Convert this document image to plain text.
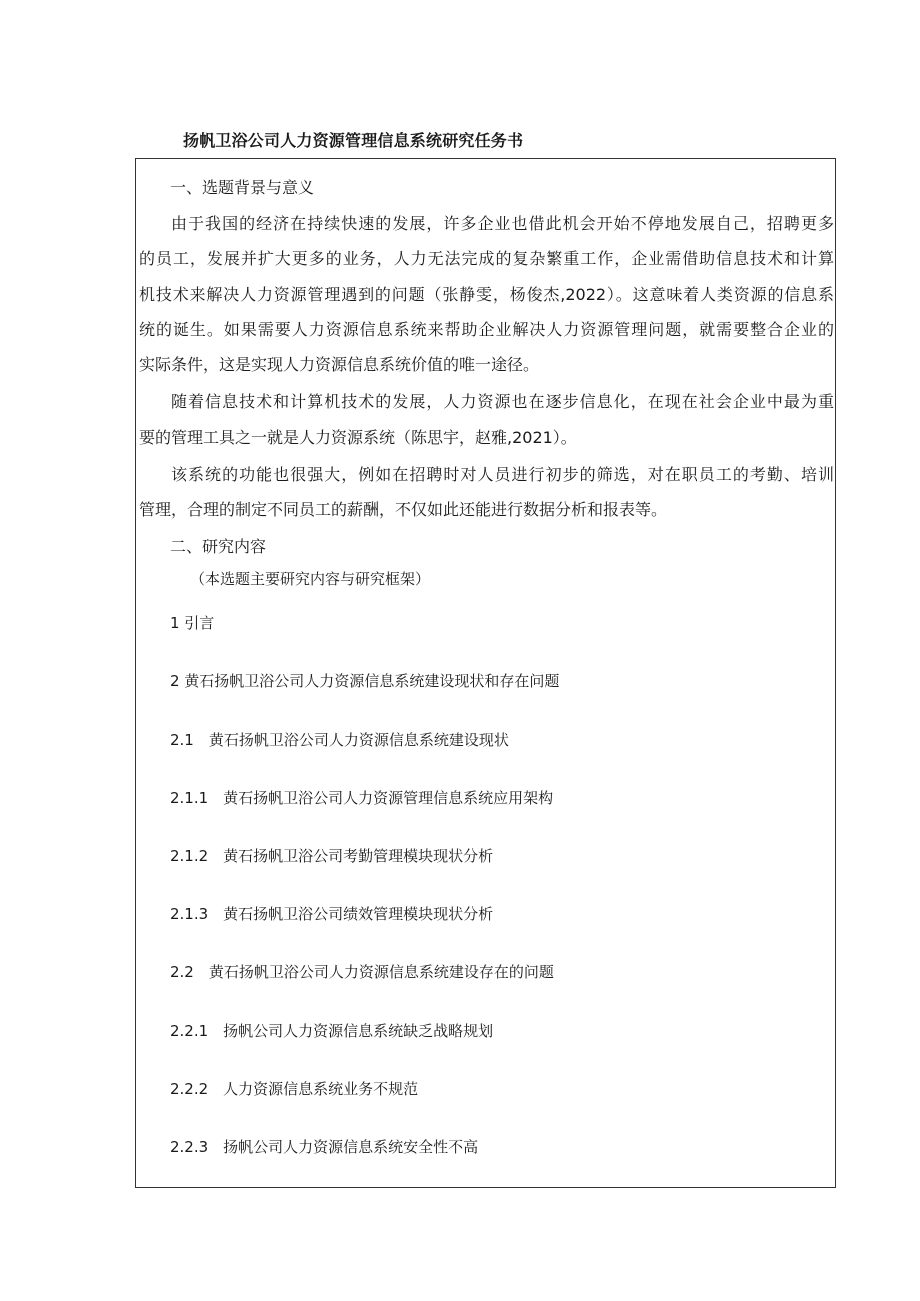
扬帆卫浴公司人力资源管理信息系统研究任务书
一、选题背景与意义
由于我国的经济在持续快速的发展，许多企业也借此机会开始不停地发展自己，招聘更多
的员工，发展并扩大更多的业务，人力无法完成的复杂繁重工作，企业需借助信息技术和计算
机技术来解决人力资源管理遇到的问题（张静雯，杨俊杰,2022）。这意味着人类资源的信息系
统的诞生。如果需要人力资源信息系统来帮助企业解决人力资源管理问题，就需要整合企业的
实际条件，这是实现人力资源信息系统价值的唯一途径。
随着信息技术和计算机技术的发展，人力资源也在逐步信息化，在现在社会企业中最为重
要的管理工具之一就是人力资源系统（陈思宇，赵雅,2021）。
该系统的功能也很强大，例如在招聘时对人员进行初步的筛选，对在职员工的考勤、培训
管理，合理的制定不同员工的薪酬，不仅如此还能进行数据分析和报表等。
二、研究内容
（本选题主要研究内容与研究框架）
1 引言
2 黄石扬帆卫浴公司人力资源信息系统建设现状和存在问题
2.1　黄石扬帆卫浴公司人力资源信息系统建设现状
2.1.1　黄石扬帆卫浴公司人力资源管理信息系统应用架构
2.1.2　黄石扬帆卫浴公司考勤管理模块现状分析
2.1.3　黄石扬帆卫浴公司绩效管理模块现状分析
2.2　黄石扬帆卫浴公司人力资源信息系统建设存在的问题
2.2.1　扬帆公司人力资源信息系统缺乏战略规划
2.2.2　人力资源信息系统业务不规范
2.2.3　扬帆公司人力资源信息系统安全性不高
